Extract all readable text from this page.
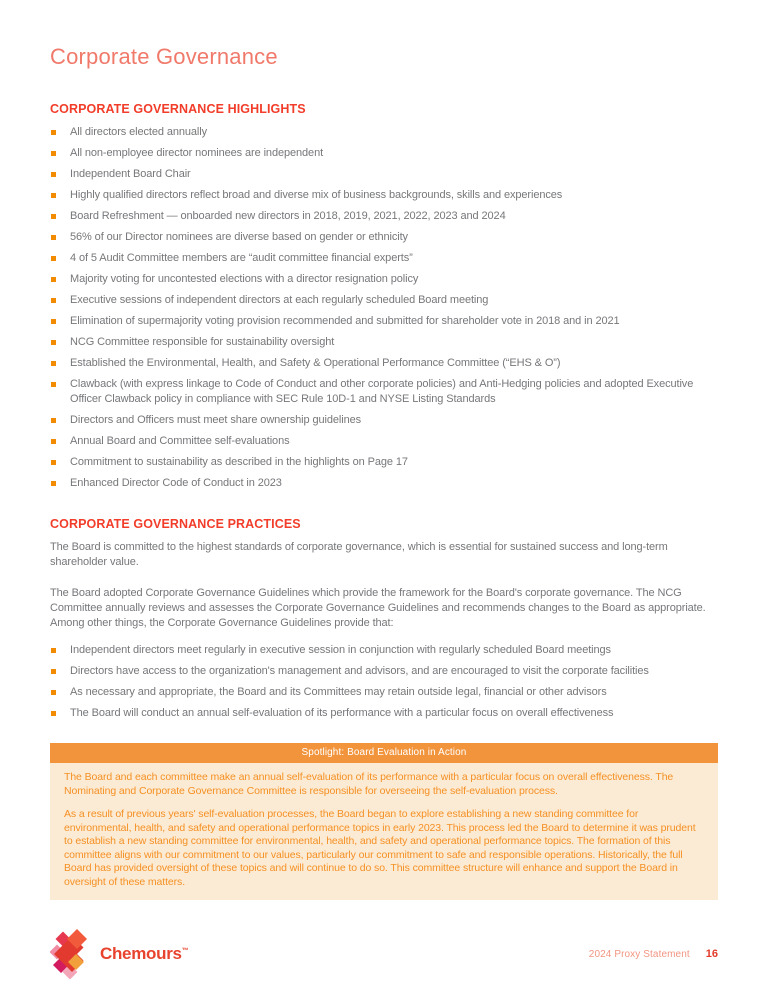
Corporate Governance
CORPORATE GOVERNANCE HIGHLIGHTS
All directors elected annually
All non-employee director nominees are independent
Independent Board Chair
Highly qualified directors reflect broad and diverse mix of business backgrounds, skills and experiences
Board Refreshment — onboarded new directors in 2018, 2019, 2021, 2022, 2023 and 2024
56% of our Director nominees are diverse based on gender or ethnicity
4 of 5 Audit Committee members are “audit committee financial experts”
Majority voting for uncontested elections with a director resignation policy
Executive sessions of independent directors at each regularly scheduled Board meeting
Elimination of supermajority voting provision recommended and submitted for shareholder vote in 2018 and in 2021
NCG Committee responsible for sustainability oversight
Established the Environmental, Health, and Safety & Operational Performance Committee (“EHS & O”)
Clawback (with express linkage to Code of Conduct and other corporate policies) and Anti-Hedging policies and adopted Executive Officer Clawback policy in compliance with SEC Rule 10D-1 and NYSE Listing Standards
Directors and Officers must meet share ownership guidelines
Annual Board and Committee self-evaluations
Commitment to sustainability as described in the highlights on Page 17
Enhanced Director Code of Conduct in 2023
CORPORATE GOVERNANCE PRACTICES

The Board is committed to the highest standards of corporate governance, which is essential for sustained success and long-term shareholder value.

The Board adopted Corporate Governance Guidelines which provide the framework for the Board's corporate governance. The NCG Committee annually reviews and assesses the Corporate Governance Guidelines and recommends changes to the Board as appropriate. Among other things, the Corporate Governance Guidelines provide that:

Independent directors meet regularly in executive session in conjunction with regularly scheduled Board meetings
Directors have access to the organization's management and advisors, and are encouraged to visit the corporate facilities
As necessary and appropriate, the Board and its Committees may retain outside legal, financial or other advisors
The Board will conduct an annual self-evaluation of its performance with a particular focus on overall effectiveness
Spotlight: Board Evaluation in Action

The Board and each committee make an annual self-evaluation of its performance with a particular focus on overall effectiveness. The Nominating and Corporate Governance Committee is responsible for overseeing the self-evaluation process.

As a result of previous years' self-evaluation processes, the Board began to explore establishing a new standing committee for environmental, health, and safety and operational performance topics in early 2023. This process led the Board to determine it was prudent to establish a new standing committee for environmental, health, and safety and operational performance topics. The formation of this committee aligns with our commitment to our values, particularly our commitment to safe and responsible operations. Historically, the full Board has provided oversight of these topics and will continue to do so. This committee structure will enhance and support the Board in oversight of these matters.

Chemours™	2024 Proxy Statement 16
